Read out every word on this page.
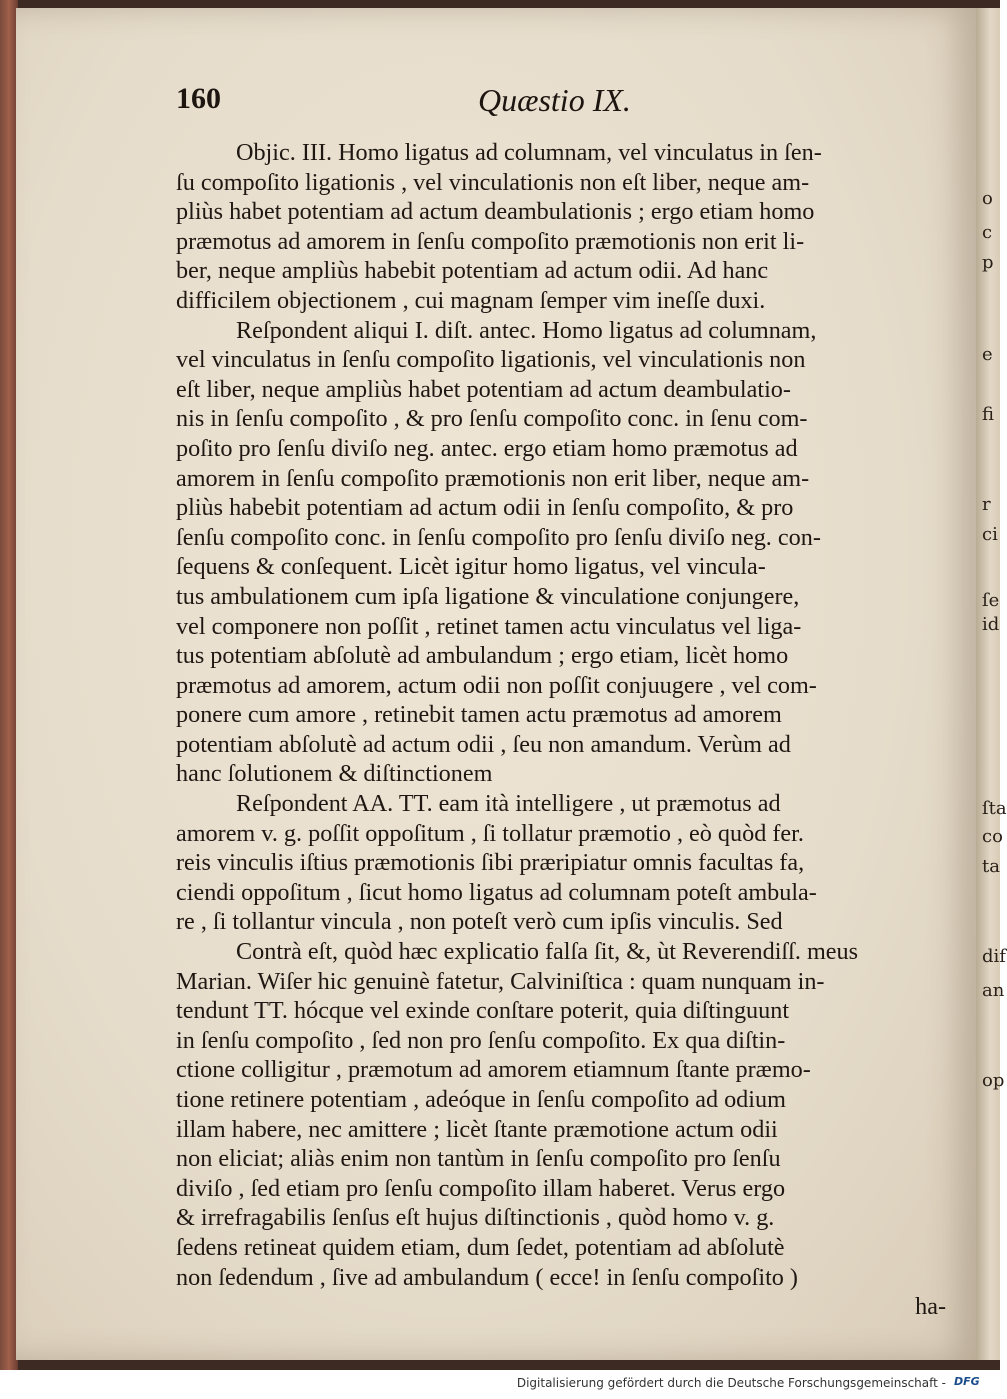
o
c
p
e
fi
r
ci
ſe
id
ſta
co
ta
dif
an
op
160	Quæstio IX.
Objic. III. Homo ligatus ad columnam, vel vinculatus in ſen-
ſu compoſito ligationis , vel vinculationis non eſt liber, neque am-
pliùs habet potentiam ad actum deambulationis ; ergo etiam homo
præmotus ad amorem in ſenſu compoſito præmotionis non erit li-
ber, neque ampliùs habebit potentiam ad actum odii. Ad hanc
difficilem objectionem , cui magnam ſemper vim ineſſe duxi.
Reſpondent aliqui I. diſt. antec. Homo ligatus ad columnam,
vel vinculatus in ſenſu compoſito ligationis, vel vinculationis non
eſt liber, neque ampliùs habet potentiam ad actum deambulatio-
nis in ſenſu compoſito , & pro ſenſu compoſito conc. in ſenu com-
poſito pro ſenſu diviſo neg. antec. ergo etiam homo præmotus ad
amorem in ſenſu compoſito præmotionis non erit liber, neque am-
pliùs habebit potentiam ad actum odii in ſenſu compoſito, & pro
ſenſu compoſito conc. in ſenſu compoſito pro ſenſu diviſo neg. con-
ſequens & conſequent. Licèt igitur homo ligatus, vel vincula-
tus ambulationem cum ipſa ligatione & vinculatione conjungere,
vel componere non poſſit , retinet tamen actu vinculatus vel liga-
tus potentiam abſolutè ad ambulandum ; ergo etiam, licèt homo
præmotus ad amorem, actum odii non poſſit conjuugere , vel com-
ponere cum amore , retinebit tamen actu præmotus ad amorem
potentiam abſolutè ad actum odii , ſeu non amandum. Verùm ad
hanc ſolutionem & diſtinctionem
Reſpondent AA. TT. eam ità intelligere , ut præmotus ad
amorem v. g. poſſit oppoſitum , ſi tollatur præmotio , eò quòd fer.
reis vinculis iſtius præmotionis ſibi præripiatur omnis facultas fa,
ciendi oppoſitum , ſicut homo ligatus ad columnam poteſt ambula-
re , ſi tollantur vincula , non poteſt verò cum ipſis vinculis. Sed
Contrà eſt, quòd hæc explicatio falſa ſit, &, ùt Reverendiſſ. meus
Marian. Wiſer hic genuinè fatetur, Calviniſtica : quam nunquam in-
tendunt TT. hócque vel exinde conſtare poterit, quia diſtinguunt
in ſenſu compoſito , ſed non pro ſenſu compoſito. Ex qua diſtin-
ctione colligitur , præmotum ad amorem etiamnum ſtante præmo-
tione retinere potentiam , adeóque in ſenſu compoſito ad odium
illam habere, nec amittere ; licèt ſtante præmotione actum odii
non eliciat; aliàs enim non tantùm in ſenſu compoſito pro ſenſu
diviſo , ſed etiam pro ſenſu compoſito illam haberet. Verus ergo
& irrefragabilis ſenſus eſt hujus diſtinctionis , quòd homo v. g.
ſedens retineat quidem etiam, dum ſedet, potentiam ad abſolutè
non ſedendum , ſive ad ambulandum ( ecce! in ſenſu compoſito )
ha-
Digitalisierung gefördert durch die Deutsche Forschungsgemeinschaft - DFG
